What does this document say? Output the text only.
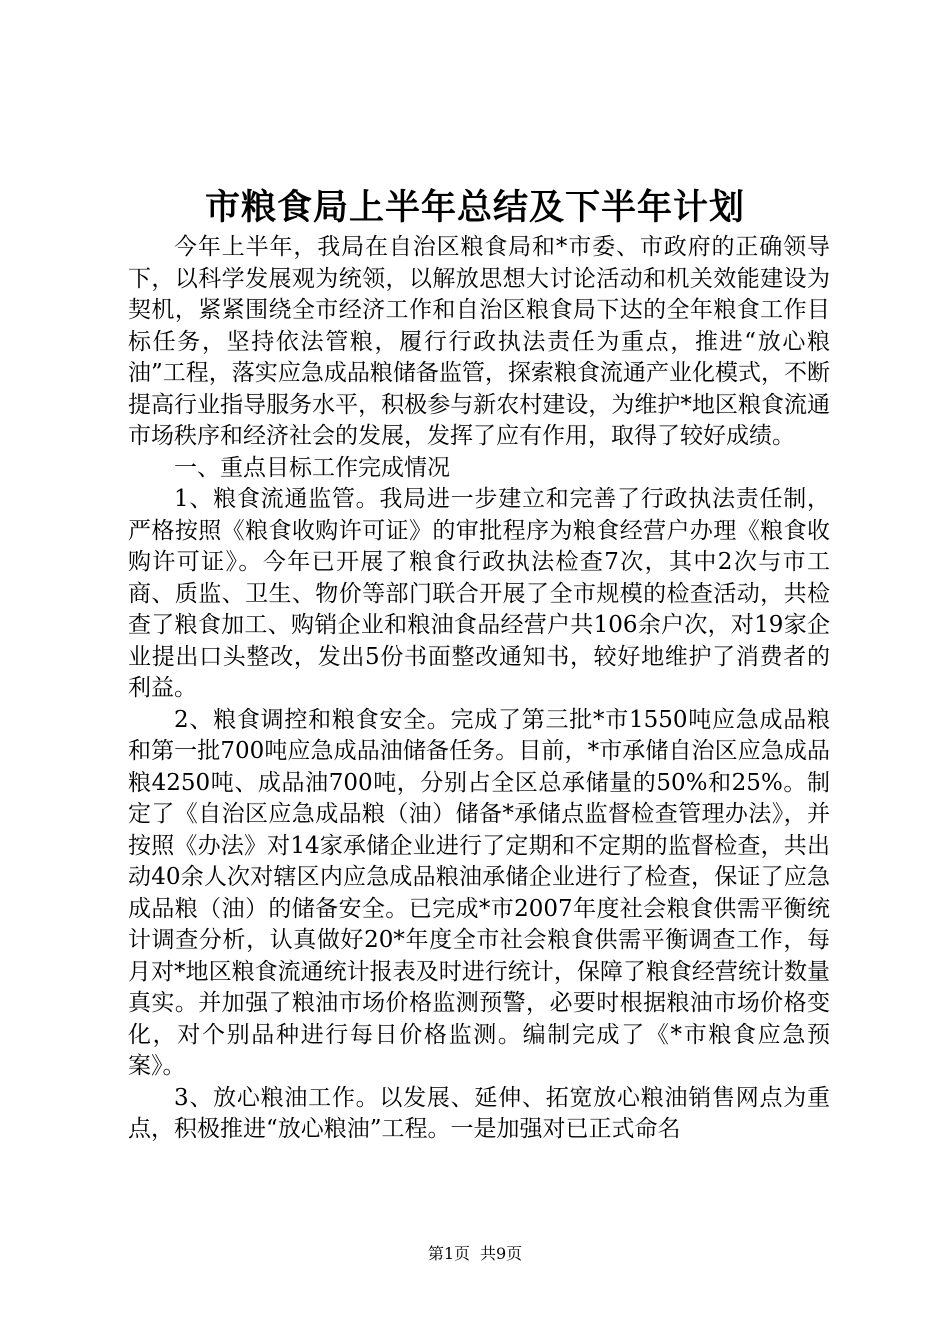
市粮食局上半年总结及下半年计划

今年上半年，我局在自治区粮食局和*市委、市政府的正确领导下，以科学发展观为统领，以解放思想大讨论活动和机关效能建设为契机，紧紧围绕全市经济工作和自治区粮食局下达的全年粮食工作目标任务，坚持依法管粮，履行行政执法责任为重点，推进“放心粮油”工程，落实应急成品粮储备监管，探索粮食流通产业化模式，不断提高行业指导服务水平，积极参与新农村建设，为维护*地区粮食流通市场秩序和经济社会的发展，发挥了应有作用，取得了较好成绩。

一、重点目标工作完成情况

1、粮食流通监管。我局进一步建立和完善了行政执法责任制，严格按照《粮食收购许可证》的审批程序为粮食经营户办理《粮食收购许可证》。今年已开展了粮食行政执法检查7次，其中2次与市工商、质监、卫生、物价等部门联合开展了全市规模的检查活动，共检查了粮食加工、购销企业和粮油食品经营户共106余户次，对19家企业提出口头整改，发出5份书面整改通知书，较好地维护了消费者的利益。

2、粮食调控和粮食安全。完成了第三批*市1550吨应急成品粮和第一批700吨应急成品油储备任务。目前，*市承储自治区应急成品粮4250吨、成品油700吨，分别占全区总承储量的50%和25%。制定了《自治区应急成品粮（油）储备*承储点监督检查管理办法》，并按照《办法》对14家承储企业进行了定期和不定期的监督检查，共出动40余人次对辖区内应急成品粮油承储企业进行了检查，保证了应急成品粮（油）的储备安全。已完成*市2007年度社会粮食供需平衡统计调查分析，认真做好20*年度全市社会粮食供需平衡调查工作，每月对*地区粮食流通统计报表及时进行统计，保障了粮食经营统计数量真实。并加强了粮油市场价格监测预警，必要时根据粮油市场价格变化，对个别品种进行每日价格监测。编制完成了《*市粮食应急预案》。

3、放心粮油工作。以发展、延伸、拓宽放心粮油销售网点为重点，积极推进“放心粮油”工程。一是加强对已正式命名

第1页 共9页
